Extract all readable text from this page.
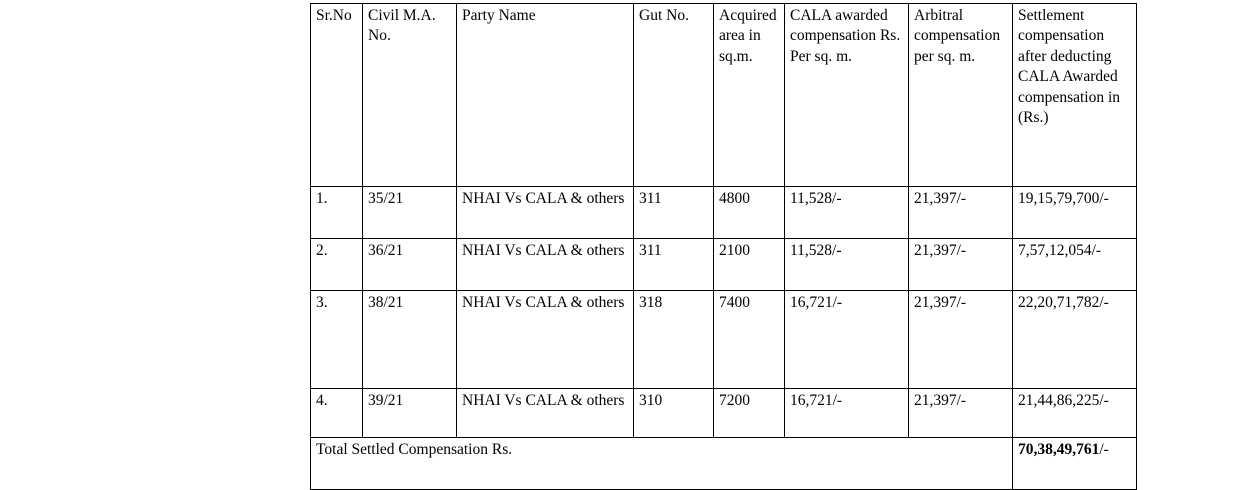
Sr.No	Civil M.A. No.	Party Name	Gut No.	Acquired area in sq.m.	CALA awarded compensation Rs. Per sq. m.	Arbitral compensation per sq. m.	Settlement compensation after deducting CALA Awarded compensation in (Rs.)
1.	35/21	NHAI Vs CALA & others	311	4800	11,528/-	21,397/-	19,15,79,700/-
2.	36/21	NHAI Vs CALA & others	311	2100	11,528/-	21,397/-	7,57,12,054/-
3.	38/21	NHAI Vs CALA & others	318	7400	16,721/-	21,397/-	22,20,71,782/-
4.	39/21	NHAI Vs CALA & others	310	7200	16,721/-	21,397/-	21,44,86,225/-
Total Settled Compensation Rs.							70,38,49,761/-
